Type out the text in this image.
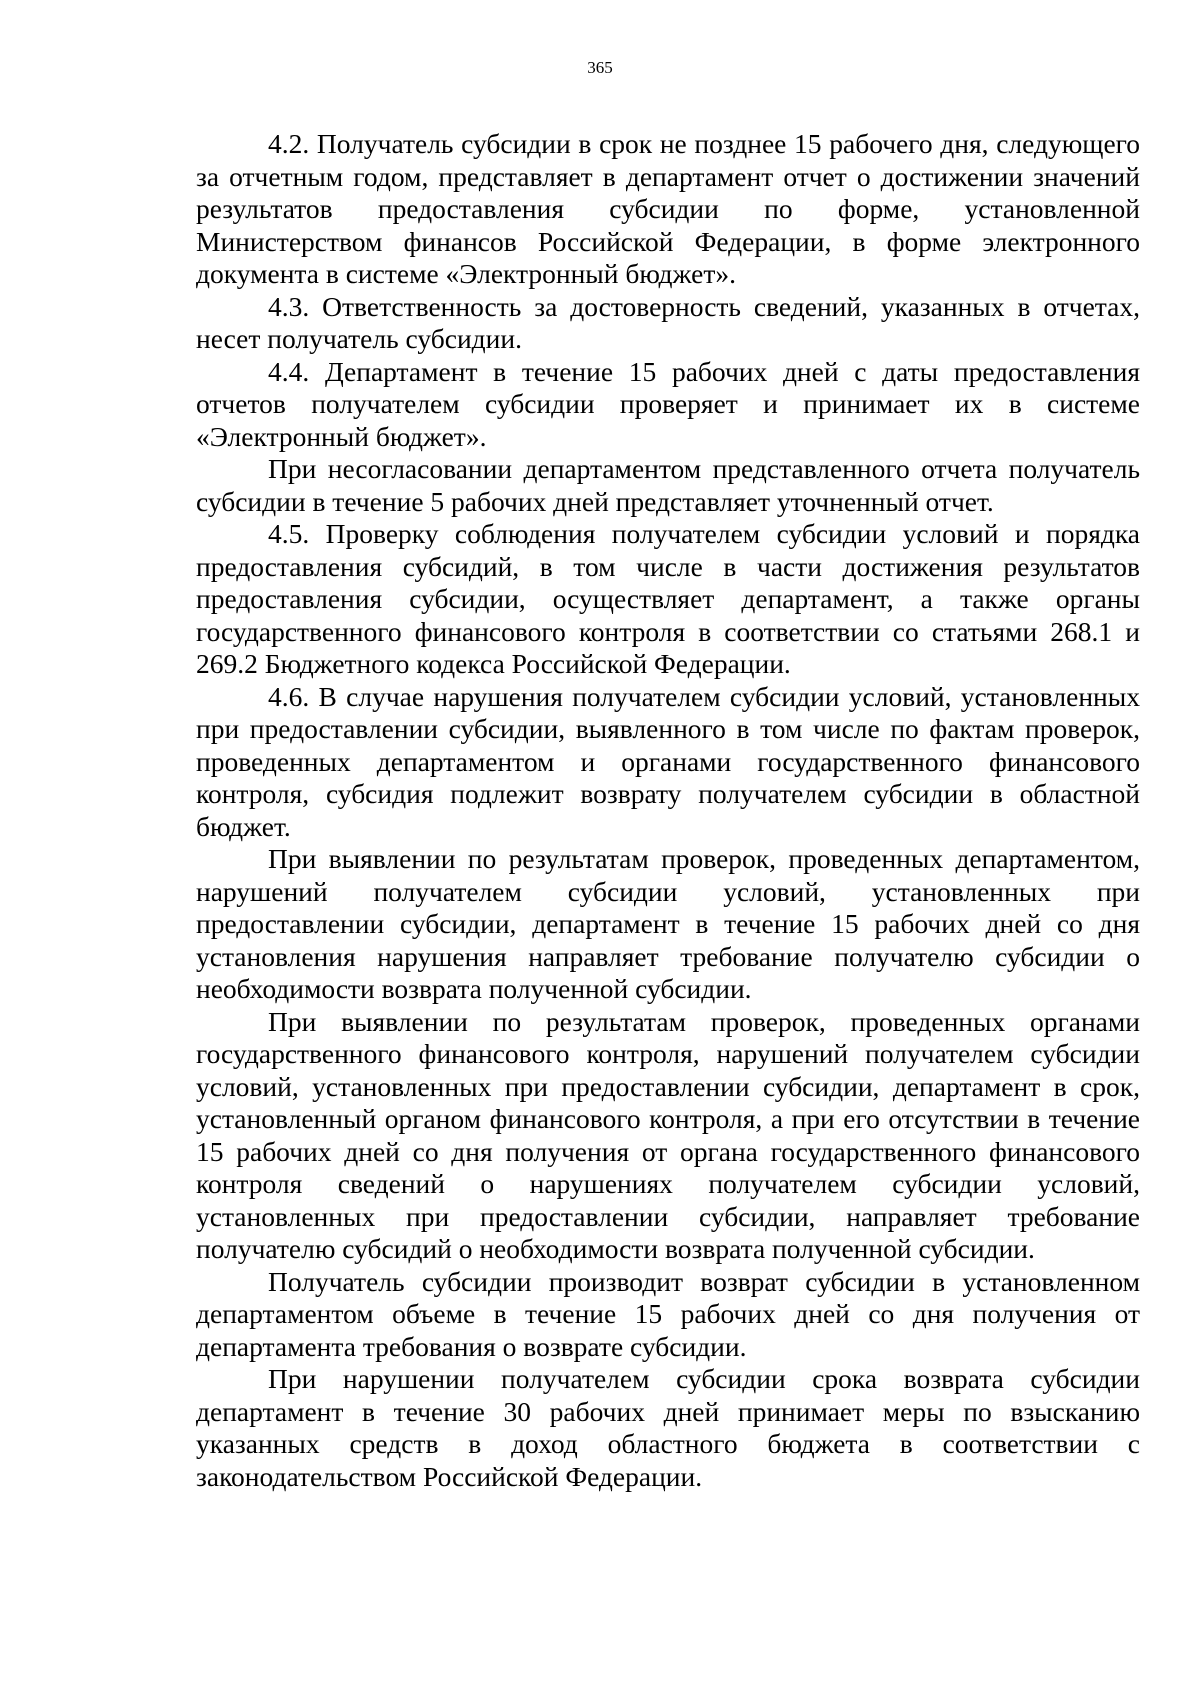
365

4.2. Получатель субсидии в срок не позднее 15 рабочего дня, следующего за отчетным годом, представляет в департамент отчет о достижении значений результатов предоставления субсидии по форме, установленной Министерством финансов Российской Федерации, в форме электронного документа в системе «Электронный бюджет».

4.3. Ответственность за достоверность сведений, указанных в отчетах, несет получатель субсидии.

4.4. Департамент в течение 15 рабочих дней с даты предоставления отчетов получателем субсидии проверяет и принимает их в системе «Электронный бюджет».

При несогласовании департаментом представленного отчета получатель субсидии в течение 5 рабочих дней представляет уточненный отчет.

4.5. Проверку соблюдения получателем субсидии условий и порядка предоставления субсидий, в том числе в части достижения результатов предоставления субсидии, осуществляет департамент, а также органы государственного финансового контроля в соответствии со статьями 268.1 и 269.2 Бюджетного кодекса Российской Федерации.

4.6. В случае нарушения получателем субсидии условий, установленных при предоставлении субсидии, выявленного в том числе по фактам проверок, проведенных департаментом и органами государственного финансового контроля, субсидия подлежит возврату получателем субсидии в областной бюджет.

При выявлении по результатам проверок, проведенных департаментом, нарушений получателем субсидии условий, установленных при предоставлении субсидии, департамент в течение 15 рабочих дней со дня установления нарушения направляет требование получателю субсидии о необходимости возврата полученной субсидии.

При выявлении по результатам проверок, проведенных органами государственного финансового контроля, нарушений получателем субсидии условий, установленных при предоставлении субсидии, департамент в срок, установленный органом финансового контроля, а при его отсутствии в течение 15 рабочих дней со дня получения от органа государственного финансового контроля сведений о нарушениях получателем субсидии условий, установленных при предоставлении субсидии, направляет требование получателю субсидий о необходимости возврата полученной субсидии.

Получатель субсидии производит возврат субсидии в установленном департаментом объеме в течение 15 рабочих дней со дня получения от департамента требования о возврате субсидии.

При нарушении получателем субсидии срока возврата субсидии департамент в течение 30 рабочих дней принимает меры по взысканию указанных средств в доход областного бюджета в соответствии с законодательством Российской Федерации.
